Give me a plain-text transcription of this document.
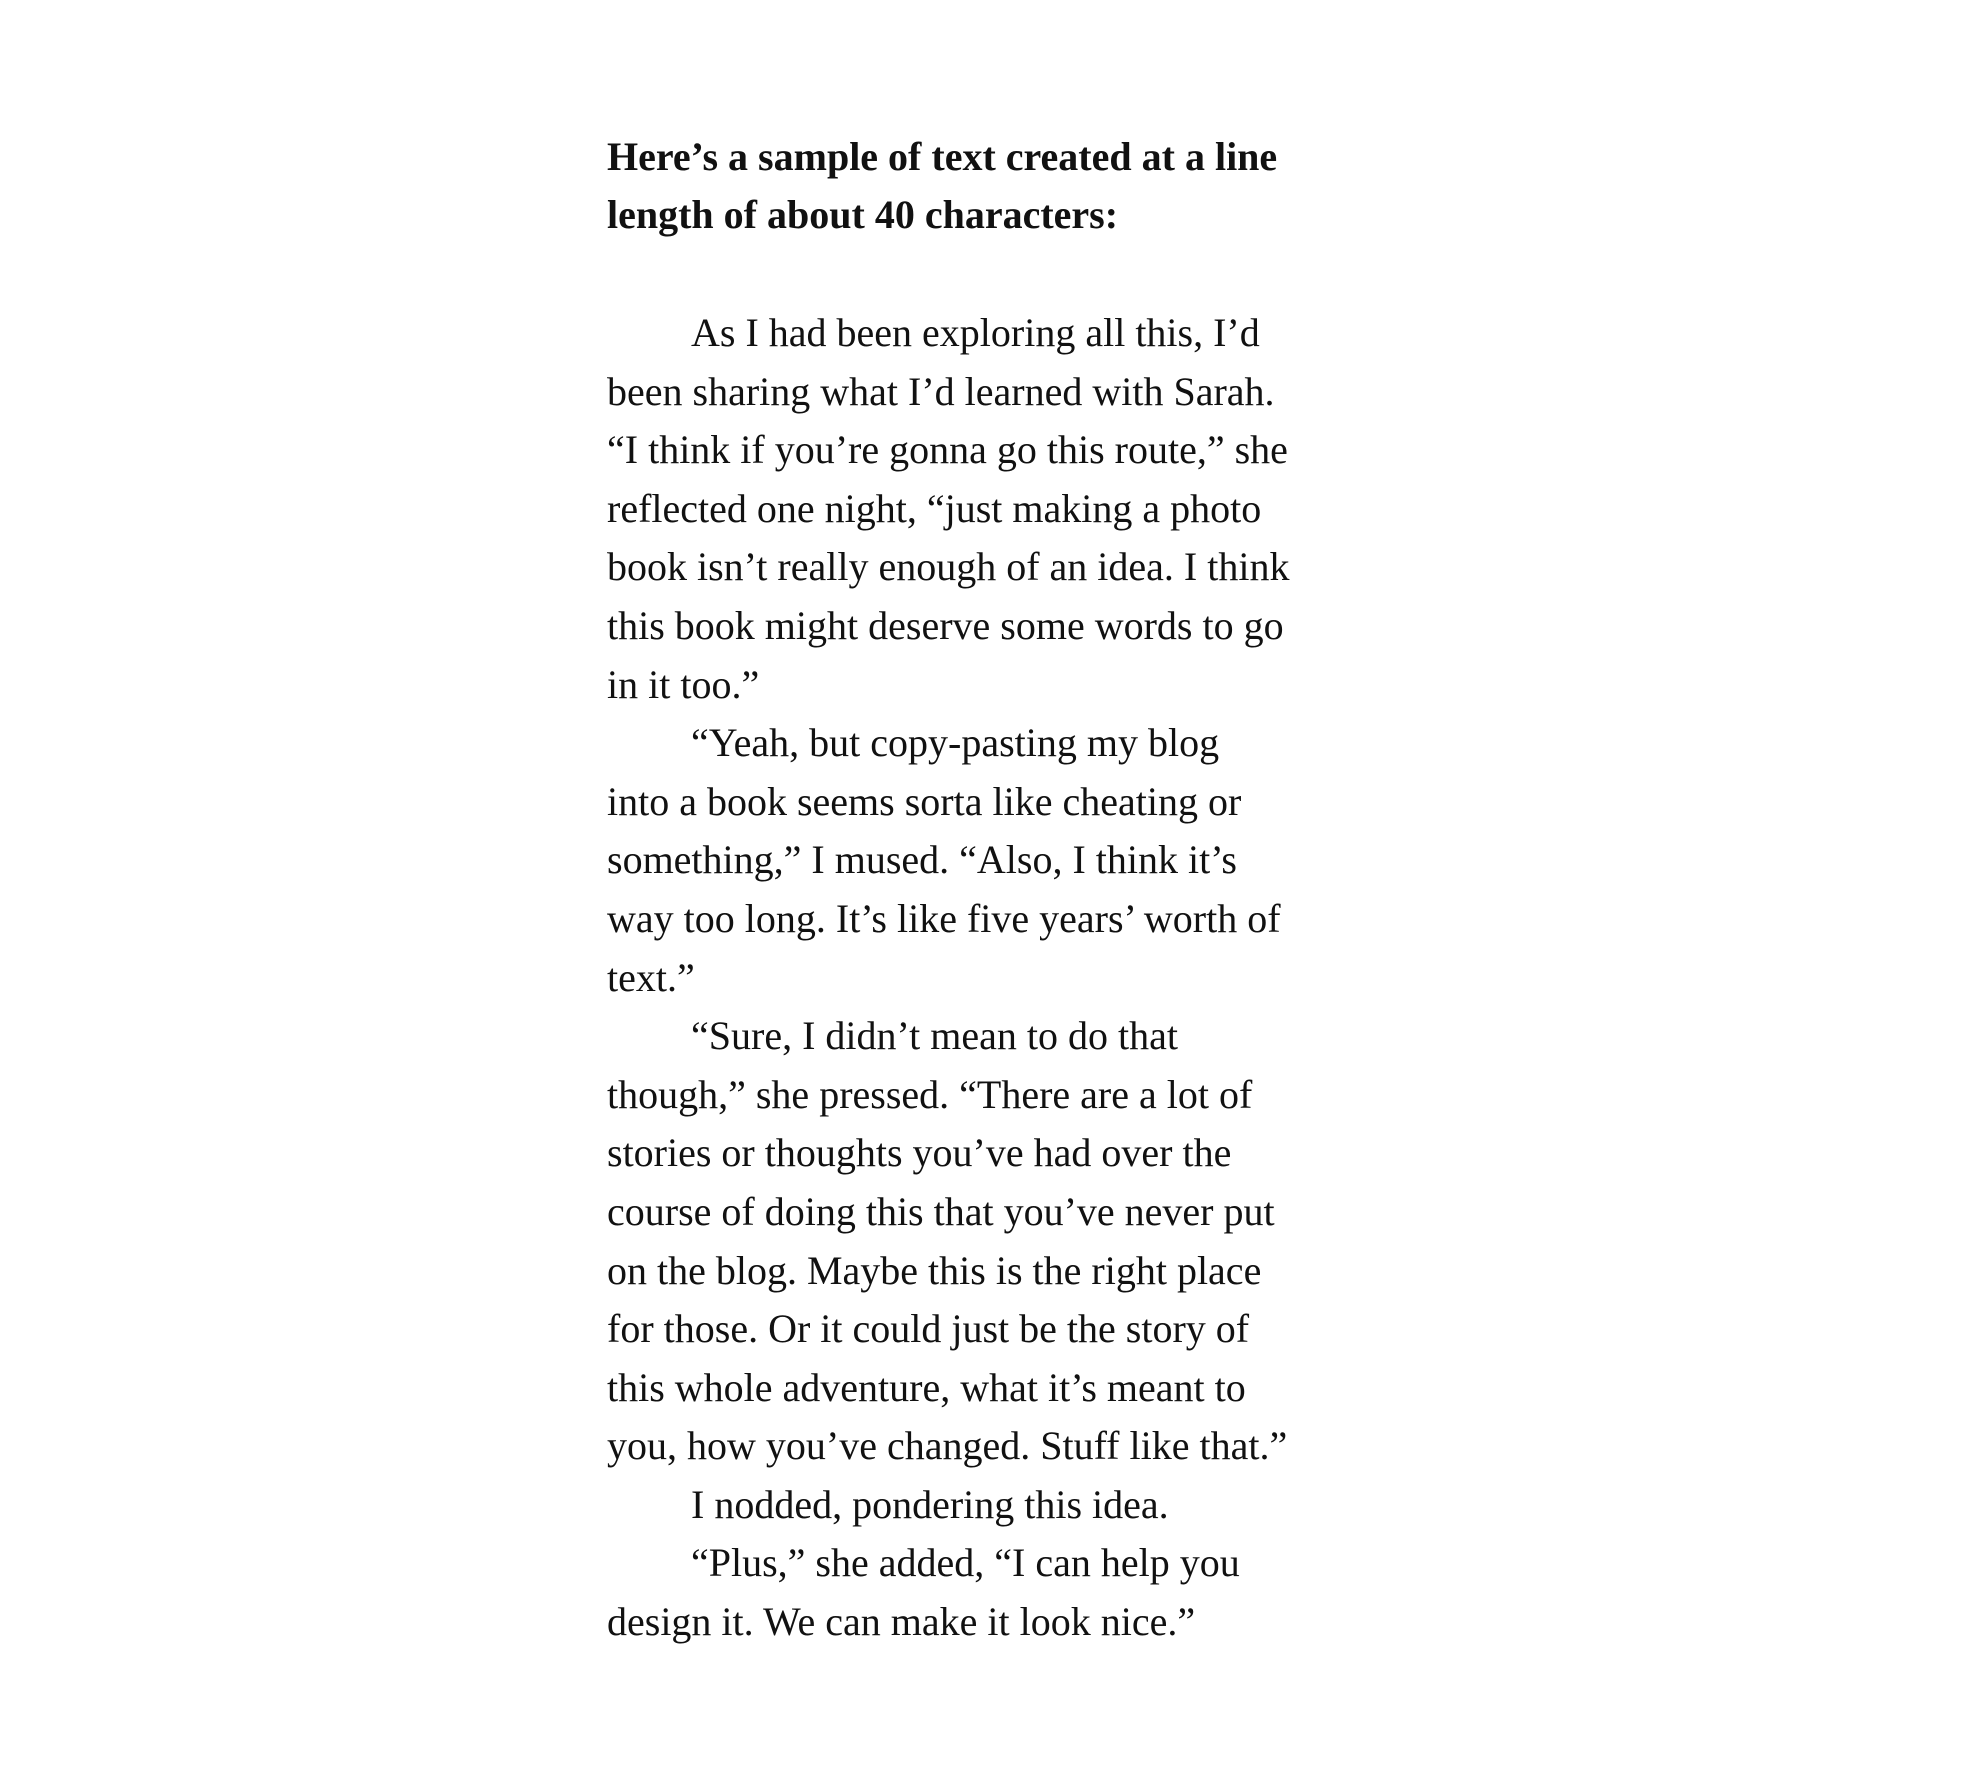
Here’s a sample of text created at a line
length of about 40 characters:
As I had been exploring all this, I’d
been sharing what I’d learned with Sarah.
“I think if you’re gonna go this route,” she
reflected one night, “just making a photo
book isn’t really enough of an idea. I think
this book might deserve some words to go
in it too.”
“Yeah, but copy-pasting my blog
into a book seems sorta like cheating or
something,” I mused. “Also, I think it’s
way too long. It’s like five years’ worth of
text.”
“Sure, I didn’t mean to do that
though,” she pressed. “There are a lot of
stories or thoughts you’ve had over the
course of doing this that you’ve never put
on the blog. Maybe this is the right place
for those. Or it could just be the story of
this whole adventure, what it’s meant to
you, how you’ve changed. Stuff like that.”
I nodded, pondering this idea.
“Plus,” she added, “I can help you
design it. We can make it look nice.”
